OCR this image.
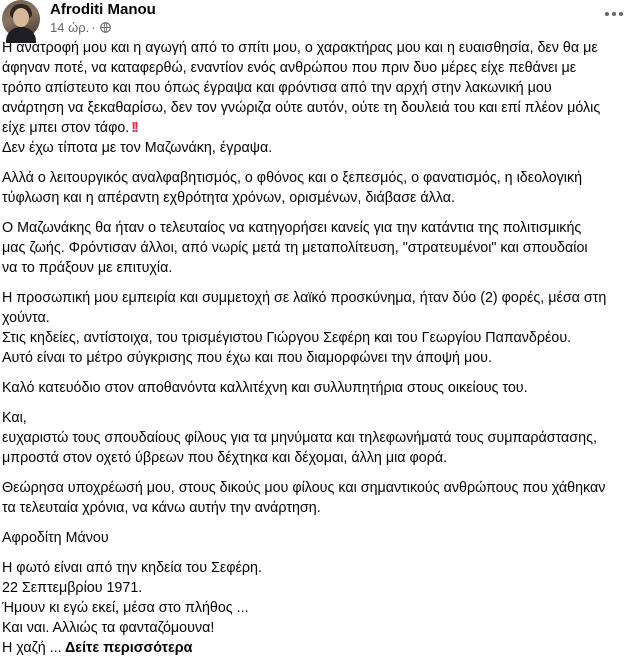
Afroditi Manou
14 ώρ. ·
Η ανατροφή μου και η αγωγή από το σπίτι μου, ο χαρακτήρας μου και η ευαισθησία, δεν θα με
άφηναν ποτέ, να καταφερθώ, εναντίον ενός ανθρώπου που πριν δυο μέρες είχε πεθάνει με
τρόπο απίστευτο και που όπως έγραψα και φρόντισα από την αρχή στην λακωνική μου
ανάρτηση να ξεκαθαρίσω, δεν τον γνώριζα ούτε αυτόν, ούτε τη δουλειά του και επί πλέον μόλις
είχε μπει στον τάφο. !!
Δεν έχω τίποτα με τον Μαζωνάκη, έγραψα.
Αλλά ο λειτουργικός αναλφαβητισμός, ο φθόνος και ο ξεπεσμός, ο φανατισμός, η ιδεολογική
τύφλωση και η απέραντη εχθρότητα χρόνων, ορισμένων, διάβασε άλλα.
Ο Μαζωνάκης θα ήταν ο τελευταίος να κατηγορήσει κανείς για την κατάντια της πολιτισμικής
μας ζωής. Φρόντισαν άλλοι, από νωρίς μετά τη μεταπολίτευση, "στρατευμένοι" και σπουδαίοι
να το πράξουν με επιτυχία.
Η προσωπική μου εμπειρία και συμμετοχή σε λαϊκό προσκύνημα, ήταν δύο (2) φορές, μέσα στη
χούντα.
Στις κηδείες, αντίστοιχα, του τρισμέγιστου Γιώργου Σεφέρη και του Γεωργίου Παπανδρέου.
Αυτό είναι το μέτρο σύγκρισης που έχω και που διαμορφώνει την άποψή μου.
Καλό κατευόδιο στον αποθανόντα καλλιτέχνη και συλλυπητήρια στους οικείους του.
Και,
ευχαριστώ τους σπουδαίους φίλους για τα μηνύματα και τηλεφωνήματά τους συμπαράστασης,
μπροστά στον οχετό ύβρεων που δέχτηκα και δέχομαι, άλλη μια φορά.
Θεώρησα υποχρέωσή μου, στους δικούς μου φίλους και σημαντικούς ανθρώπους που χάθηκαν
τα τελευταία χρόνια, να κάνω αυτήν την ανάρτηση.
Αφροδίτη Μάνου
Η φωτό είναι από την κηδεία του Σεφέρη.
22 Σεπτεμβρίου 1971.
Ήμουν κι εγώ εκεί, μέσα στο πλήθος ...
Και ναι. Αλλιώς τα φανταζόμουνα!
Η χαζή ... Δείτε περισσότερα
